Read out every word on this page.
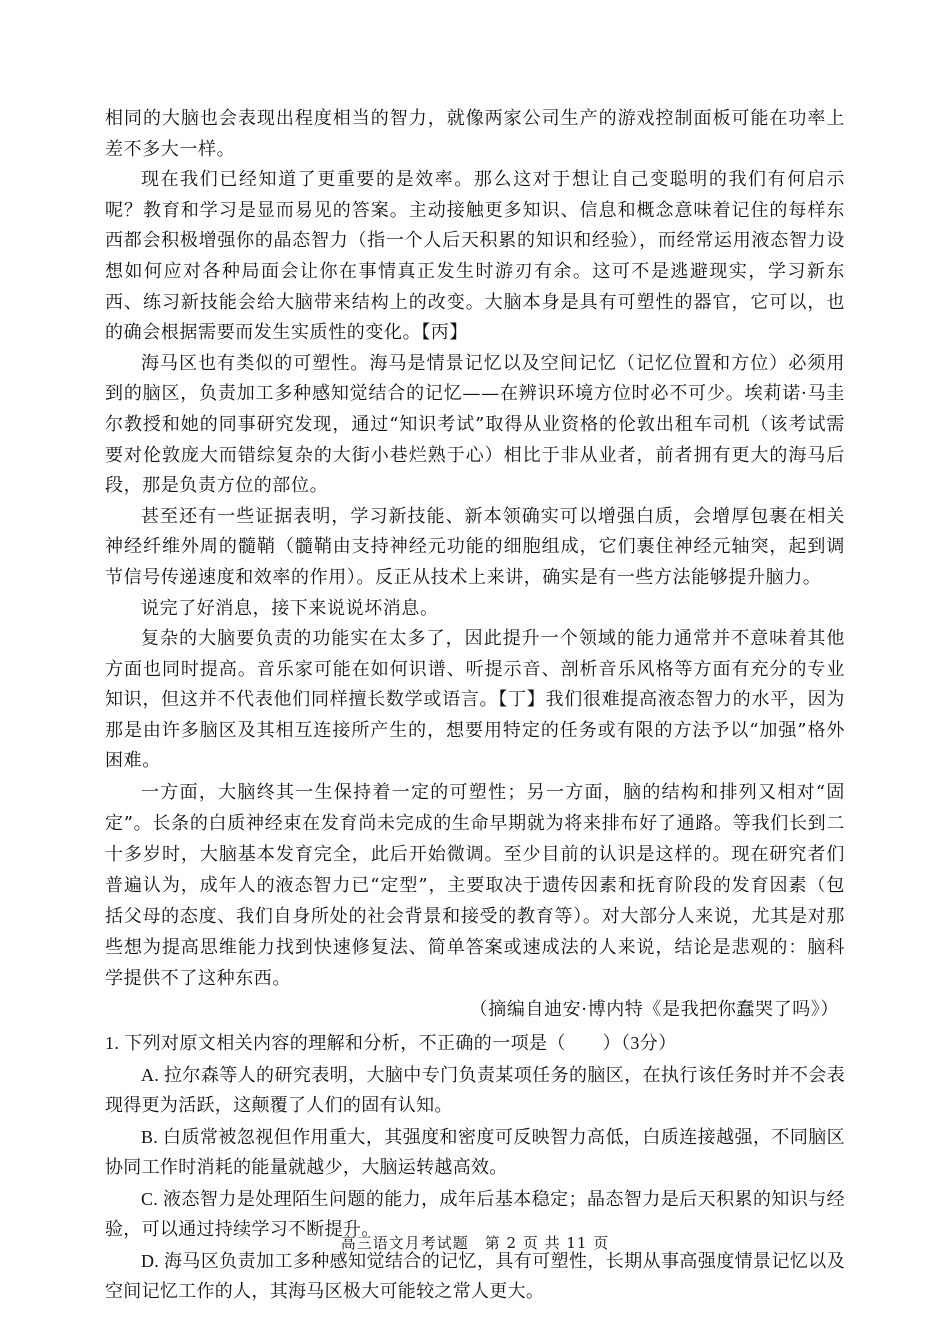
相同的大脑也会表现出程度相当的智力，就像两家公司生产的游戏控制面板可能在功率上差不多大一样。

现在我们已经知道了更重要的是效率。那么这对于想让自己变聪明的我们有何启示呢？教育和学习是显而易见的答案。主动接触更多知识、信息和概念意味着记住的每样东西都会积极增强你的晶态智力（指一个人后天积累的知识和经验），而经常运用液态智力设想如何应对各种局面会让你在事情真正发生时游刃有余。这可不是逃避现实，学习新东西、练习新技能会给大脑带来结构上的改变。大脑本身是具有可塑性的器官，它可以，也的确会根据需要而发生实质性的变化。【丙】

海马区也有类似的可塑性。海马是情景记忆以及空间记忆（记忆位置和方位）必须用到的脑区，负责加工多种感知觉结合的记忆——在辨识环境方位时必不可少。埃莉诺·马圭尔教授和她的同事研究发现，通过“知识考试”取得从业资格的伦敦出租车司机（该考试需要对伦敦庞大而错综复杂的大街小巷烂熟于心）相比于非从业者，前者拥有更大的海马后段，那是负责方位的部位。

甚至还有一些证据表明，学习新技能、新本领确实可以增强白质，会增厚包裹在相关神经纤维外周的髓鞘（髓鞘由支持神经元功能的细胞组成，它们裹住神经元轴突，起到调节信号传递速度和效率的作用）。反正从技术上来讲，确实是有一些方法能够提升脑力。

说完了好消息，接下来说说坏消息。

复杂的大脑要负责的功能实在太多了，因此提升一个领域的能力通常并不意味着其他方面也同时提高。音乐家可能在如何识谱、听提示音、剖析音乐风格等方面有充分的专业知识，但这并不代表他们同样擅长数学或语言。【丁】我们很难提高液态智力的水平，因为那是由许多脑区及其相互连接所产生的，想要用特定的任务或有限的方法予以“加强”格外困难。

一方面，大脑终其一生保持着一定的可塑性；另一方面，脑的结构和排列又相对“固定”。长条的白质神经束在发育尚未完成的生命早期就为将来排布好了通路。等我们长到二十多岁时，大脑基本发育完全，此后开始微调。至少目前的认识是这样的。现在研究者们普遍认为，成年人的液态智力已“定型”，主要取决于遗传因素和抚育阶段的发育因素（包括父母的态度、我们自身所处的社会背景和接受的教育等）。对大部分人来说，尤其是对那些想为提高思维能力找到快速修复法、简单答案或速成法的人来说，结论是悲观的：脑科学提供不了这种东西。

（摘编自迪安·博内特《是我把你蠢哭了吗》）

1. 下列对原文相关内容的理解和分析，不正确的一项是（　　）（3分）

A. 拉尔森等人的研究表明，大脑中专门负责某项任务的脑区，在执行该任务时并不会表现得更为活跃，这颠覆了人们的固有认知。

B. 白质常被忽视但作用重大，其强度和密度可反映智力高低，白质连接越强，不同脑区协同工作时消耗的能量就越少，大脑运转越高效。

C. 液态智力是处理陌生问题的能力，成年后基本稳定；晶态智力是后天积累的知识与经验，可以通过持续学习不断提升。

D. 海马区负责加工多种感知觉结合的记忆，具有可塑性，长期从事高强度情景记忆以及空间记忆工作的人，其海马区极大可能较之常人更大。

高三语文月考试题　第 2 页 共 11 页
